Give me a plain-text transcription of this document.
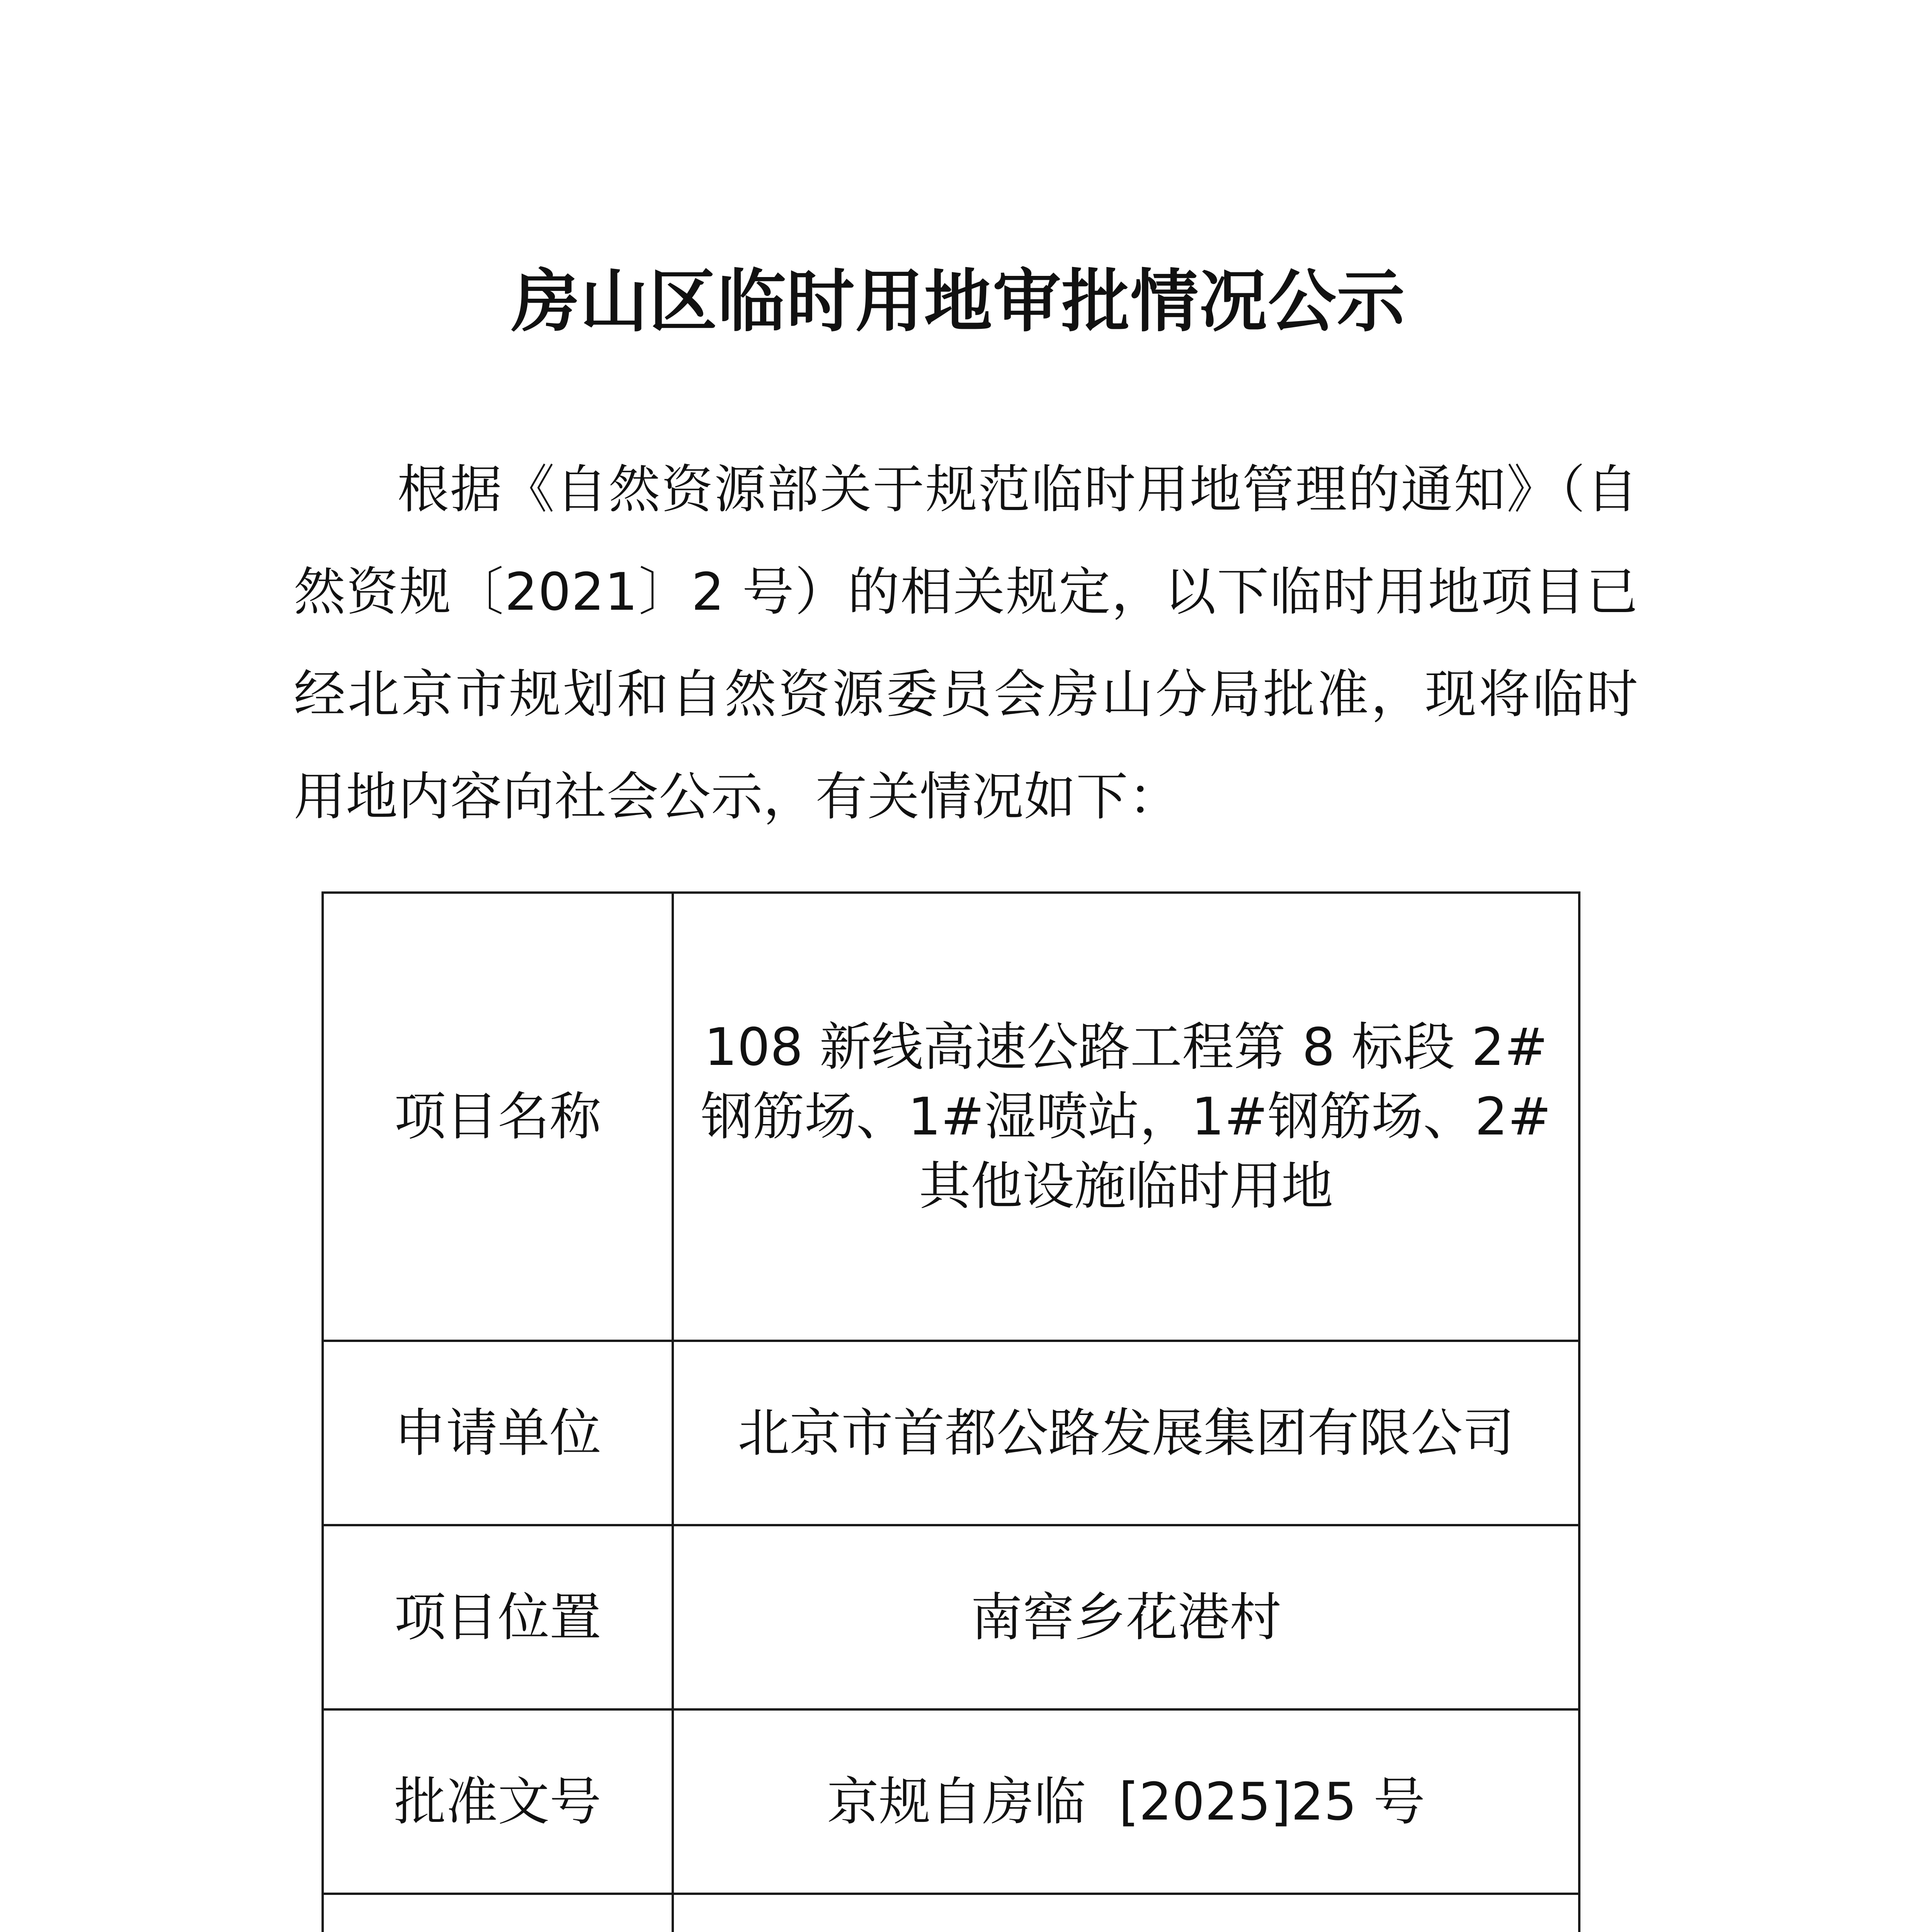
房山区临时用地审批情况公示

根据《自然资源部关于规范临时用地管理的通知》（自然资规〔2021〕2 号）的相关规定，以下临时用地项目已经北京市规划和自然资源委员会房山分局批准，现将临时用地内容向社会公示，有关情况如下：

项目名称	108 新线高速公路工程第 8 标段 2#钢筋场、1#湿喷站，1#钢筋场、2#其他设施临时用地
申请单位	北京市首都公路发展集团有限公司
项目位置	南窖乡花港村
批准文号	京规自房临  [2025]25 号
